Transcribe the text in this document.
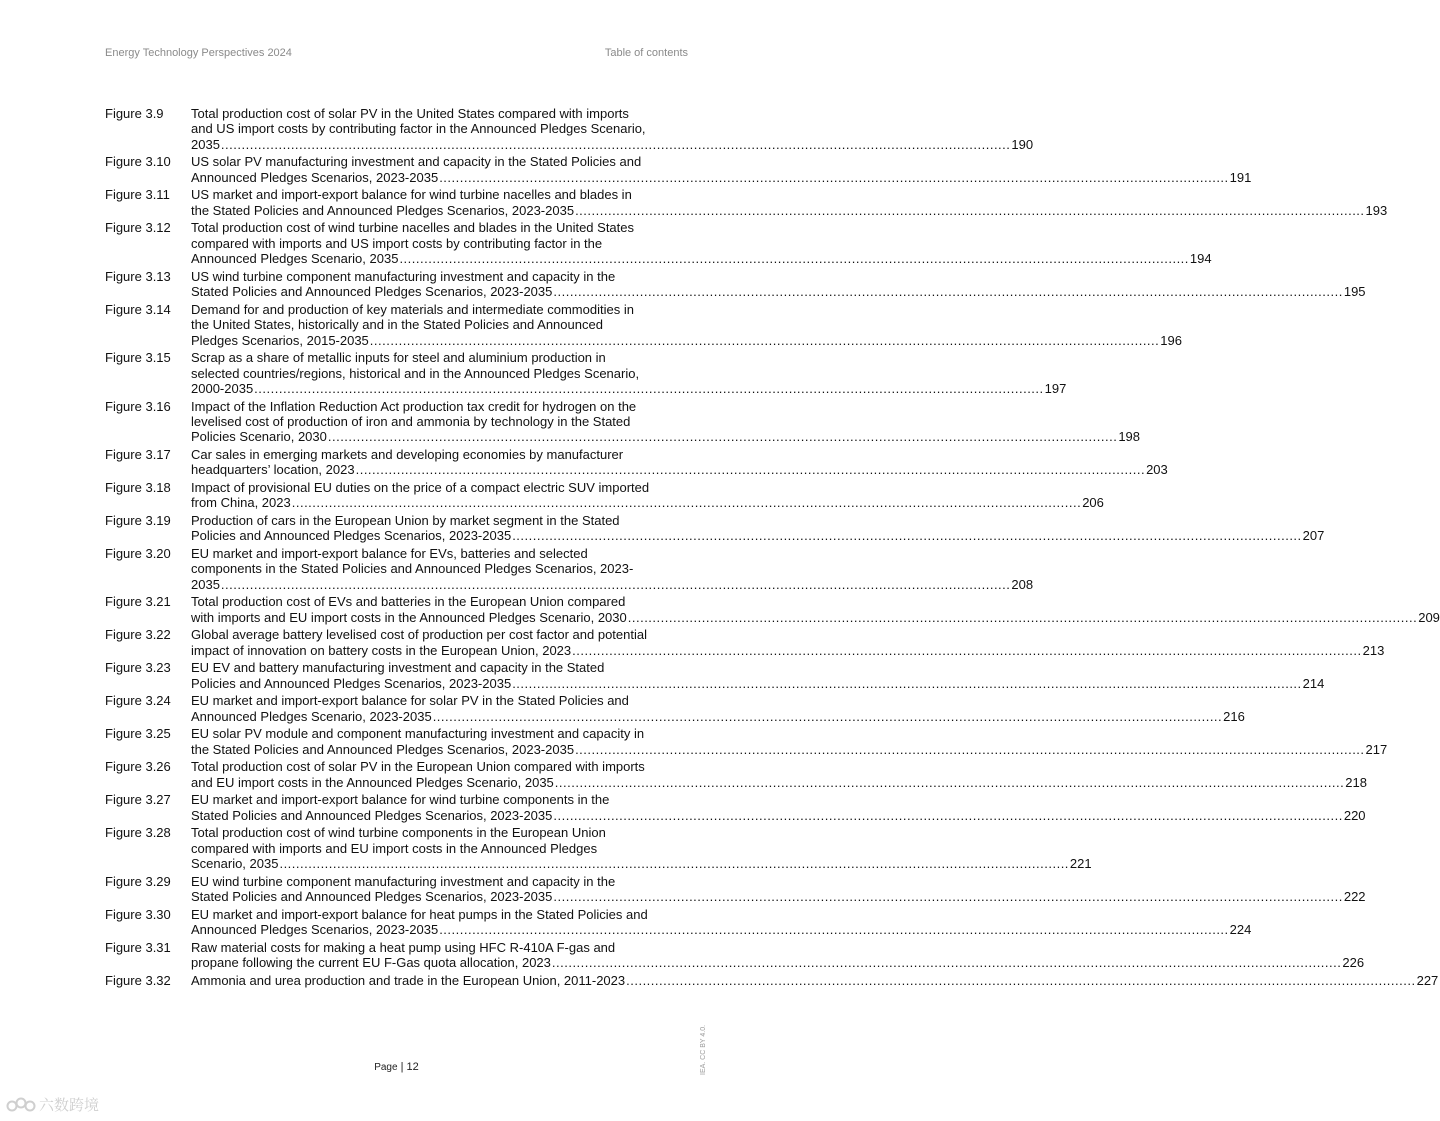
Energy Technology Perspectives 2024	Table of contents
Figure 3.9	Total production cost of solar PV in the United States compared with imports
and US import costs by contributing factor in the Announced Pledges Scenario,
2035 .....	190
Figure 3.10	US solar PV manufacturing investment and capacity in the Stated Policies and
Announced Pledges Scenarios, 2023-2035 .....	191
Figure 3.11	US market and import-export balance for wind turbine nacelles and blades in
the Stated Policies and Announced Pledges Scenarios, 2023-2035 .....	193
Figure 3.12	Total production cost of wind turbine nacelles and blades in the United States
compared with imports and US import costs by contributing factor in the
Announced Pledges Scenario, 2035 .....	194
Figure 3.13	US wind turbine component manufacturing investment and capacity in the
Stated Policies and Announced Pledges Scenarios, 2023-2035 .....	195
Figure 3.14	Demand for and production of key materials and intermediate commodities in
the United States, historically and in the Stated Policies and Announced
Pledges Scenarios, 2015-2035 .....	196
Figure 3.15	Scrap as a share of metallic inputs for steel and aluminium production in
selected countries/regions, historical and in the Announced Pledges Scenario,
2000-2035 .....	197
Figure 3.16	Impact of the Inflation Reduction Act production tax credit for hydrogen on the
levelised cost of production of iron and ammonia by technology in the Stated
Policies Scenario, 2030 .....	198
Figure 3.17	Car sales in emerging markets and developing economies by manufacturer
headquarters’ location, 2023 .....	203
Figure 3.18	Impact of provisional EU duties on the price of a compact electric SUV imported
from China, 2023 .....	206
Figure 3.19	Production of cars in the European Union by market segment in the Stated
Policies and Announced Pledges Scenarios, 2023-2035 .....	207
Figure 3.20	EU market and import-export balance for EVs, batteries and selected
components in the Stated Policies and Announced Pledges Scenarios, 2023-
2035 .....	208
Figure 3.21	Total production cost of EVs and batteries in the European Union compared
with imports and EU import costs in the Announced Pledges Scenario, 2030 .....	209
Figure 3.22	Global average battery levelised cost of production per cost factor and potential
impact of innovation on battery costs in the European Union, 2023 .....	213
Figure 3.23	EU EV and battery manufacturing investment and capacity in the Stated
Policies and Announced Pledges Scenarios, 2023-2035 .....	214
Figure 3.24	EU market and import-export balance for solar PV in the Stated Policies and
Announced Pledges Scenario, 2023-2035 .....	216
Figure 3.25	EU solar PV module and component manufacturing investment and capacity in
the Stated Policies and Announced Pledges Scenarios, 2023-2035 .....	217
Figure 3.26	Total production cost of solar PV in the European Union compared with imports
and EU import costs in the Announced Pledges Scenario, 2035 .....	218
Figure 3.27	EU market and import-export balance for wind turbine components in the
Stated Policies and Announced Pledges Scenarios, 2023-2035 .....	220
Figure 3.28	Total production cost of wind turbine components in the European Union
compared with imports and EU import costs in the Announced Pledges
Scenario, 2035 .....	221
Figure 3.29	EU wind turbine component manufacturing investment and capacity in the
Stated Policies and Announced Pledges Scenarios, 2023-2035 .....	222
Figure 3.30	EU market and import-export balance for heat pumps in the Stated Policies and
Announced Pledges Scenarios, 2023-2035 .....	224
Figure 3.31	Raw material costs for making a heat pump using HFC R-410A F-gas and
propane following the current EU F-Gas quota allocation, 2023 .....	226
Figure 3.32	Ammonia and urea production and trade in the European Union, 2011-2023 .....	227
Page | 12	IEA. CC BY 4.0.
六数跨境
